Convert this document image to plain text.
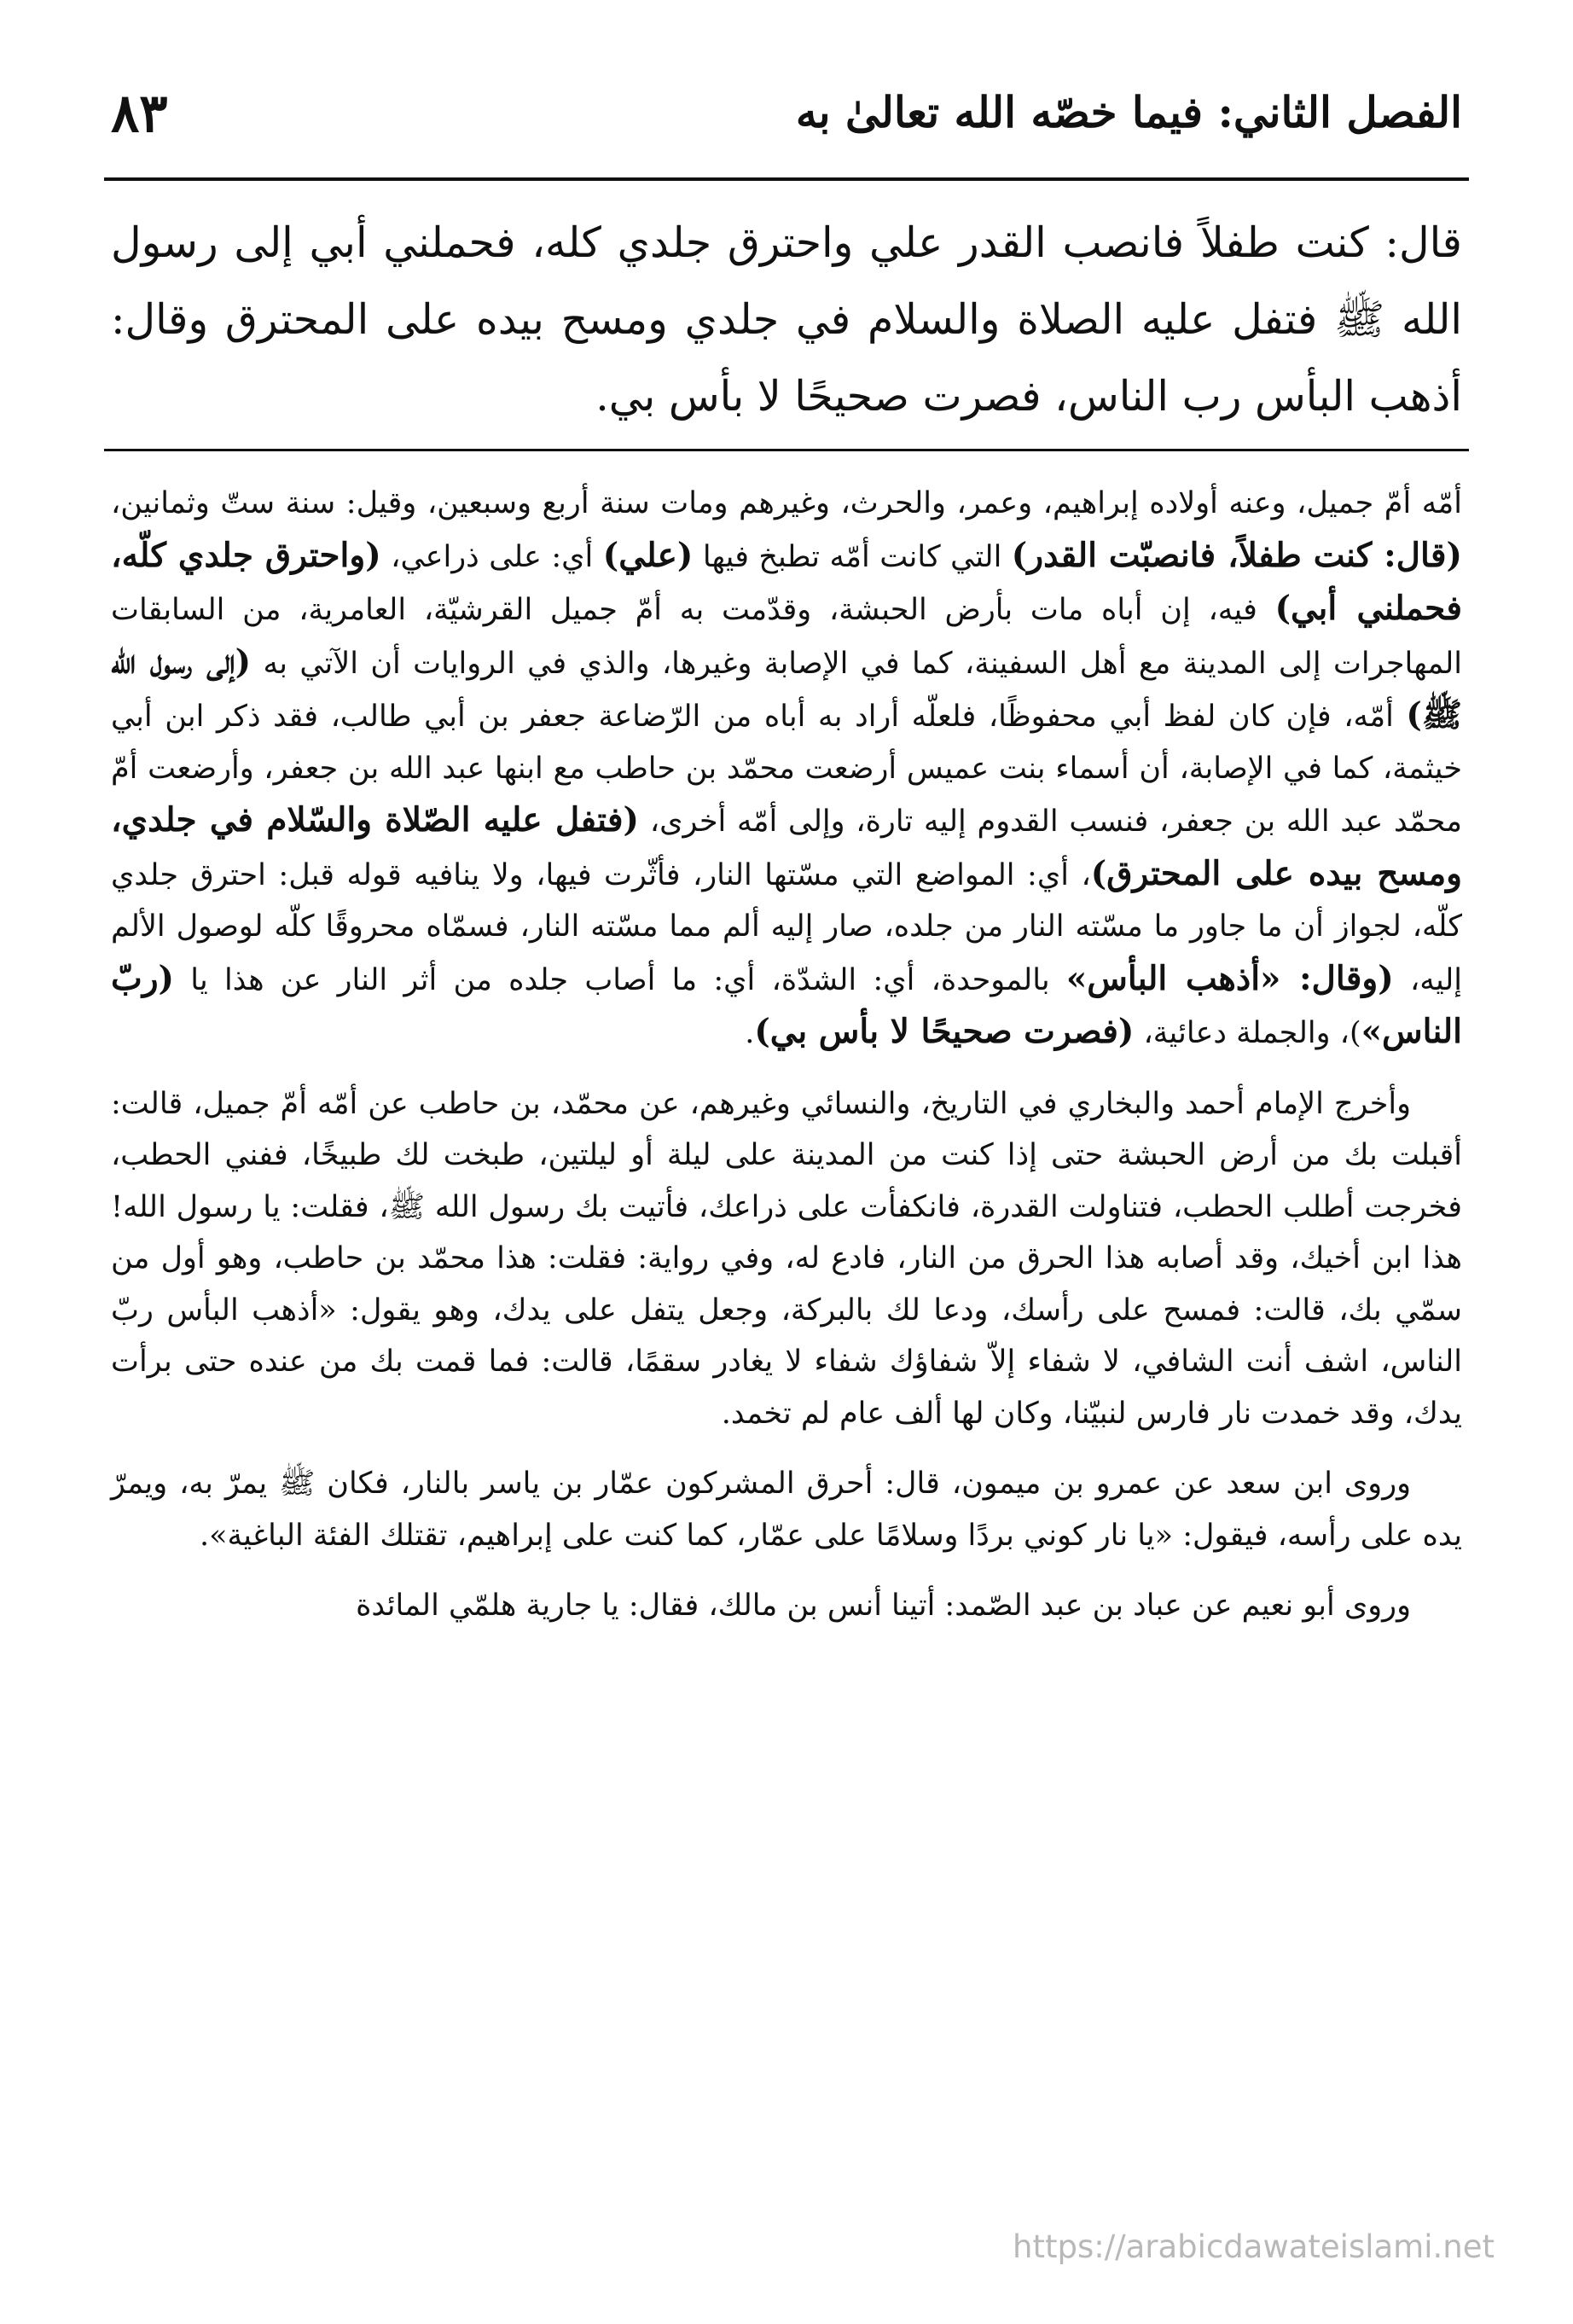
الفصل الثاني: فيما خصّه الله تعالىٰ به
٨٣
قال: كنت طفلاً فانصب القدر علي واحترق جلدي كله، فحملني أبي إلى رسول الله ﷺ فتفل عليه الصلاة والسلام في جلدي ومسح بيده على المحترق وقال: أذهب البأس رب الناس، فصرت صحيحًا لا بأس بي.

أمّه أمّ جميل، وعنه أولاده إبراهيم، وعمر، والحرث، وغيرهم ومات سنة أربع وسبعين، وقيل: سنة ستّ وثمانين، (قال: كنت طفلاً، فانصبّت القدر) التي كانت أمّه تطبخ فيها (علي) أي: على ذراعي، (واحترق جلدي كلّه، فحملني أبي) فيه، إن أباه مات بأرض الحبشة، وقدّمت به أمّ جميل القرشيّة، العامرية، من السابقات المهاجرات إلى المدينة مع أهل السفينة، كما في الإصابة وغيرها، والذي في الروايات أن الآتي به (إلى رسول الله ﷺ) أمّه، فإن كان لفظ أبي محفوظًا، فلعلّه أراد به أباه من الرّضاعة جعفر بن أبي طالب، فقد ذكر ابن أبي خيثمة، كما في الإصابة، أن أسماء بنت عميس أرضعت محمّد بن حاطب مع ابنها عبد الله بن جعفر، وأرضعت أمّ محمّد عبد الله بن جعفر، فنسب القدوم إليه تارة، وإلى أمّه أخرى، (فتفل عليه الصّلاة والسّلام في جلدي، ومسح بيده على المحترق)، أي: المواضع التي مسّتها النار، فأثّرت فيها، ولا ينافيه قوله قبل: احترق جلدي كلّه، لجواز أن ما جاور ما مسّته النار من جلده، صار إليه ألم مما مسّته النار، فسمّاه محروقًا كلّه لوصول الألم إليه، (وقال: «أذهب البأس» بالموحدة، أي: الشدّة، أي: ما أصاب جلده من أثر النار عن هذا يا (ربّ الناس»)، والجملة دعائية، (فصرت صحيحًا لا بأس بي).

وأخرج الإمام أحمد والبخاري في التاريخ، والنسائي وغيرهم، عن محمّد، بن حاطب عن أمّه أمّ جميل، قالت: أقبلت بك من أرض الحبشة حتى إذا كنت من المدينة على ليلة أو ليلتين، طبخت لك طبيخًا، ففني الحطب، فخرجت أطلب الحطب، فتناولت القدرة، فانكفأت على ذراعك، فأتيت بك رسول الله ﷺ، فقلت: يا رسول الله! هذا ابن أخيك، وقد أصابه هذا الحرق من النار، فادع له، وفي رواية: فقلت: هذا محمّد بن حاطب، وهو أول من سمّي بك، قالت: فمسح على رأسك، ودعا لك بالبركة، وجعل يتفل على يدك، وهو يقول: «أذهب البأس ربّ الناس، اشف أنت الشافي، لا شفاء إلاّ شفاؤك شفاء لا يغادر سقمًا، قالت: فما قمت بك من عنده حتى برأت يدك، وقد خمدت نار فارس لنبيّنا، وكان لها ألف عام لم تخمد.

وروى ابن سعد عن عمرو بن ميمون، قال: أحرق المشركون عمّار بن ياسر بالنار، فكان ﷺ يمرّ به، ويمرّ يده على رأسه، فيقول: «يا نار كوني بردًا وسلامًا على عمّار، كما كنت على إبراهيم، تقتلك الفئة الباغية».

وروى أبو نعيم عن عباد بن عبد الصّمد: أتينا أنس بن مالك، فقال: يا جارية هلمّي المائدة

https://arabicdawateislami.net
